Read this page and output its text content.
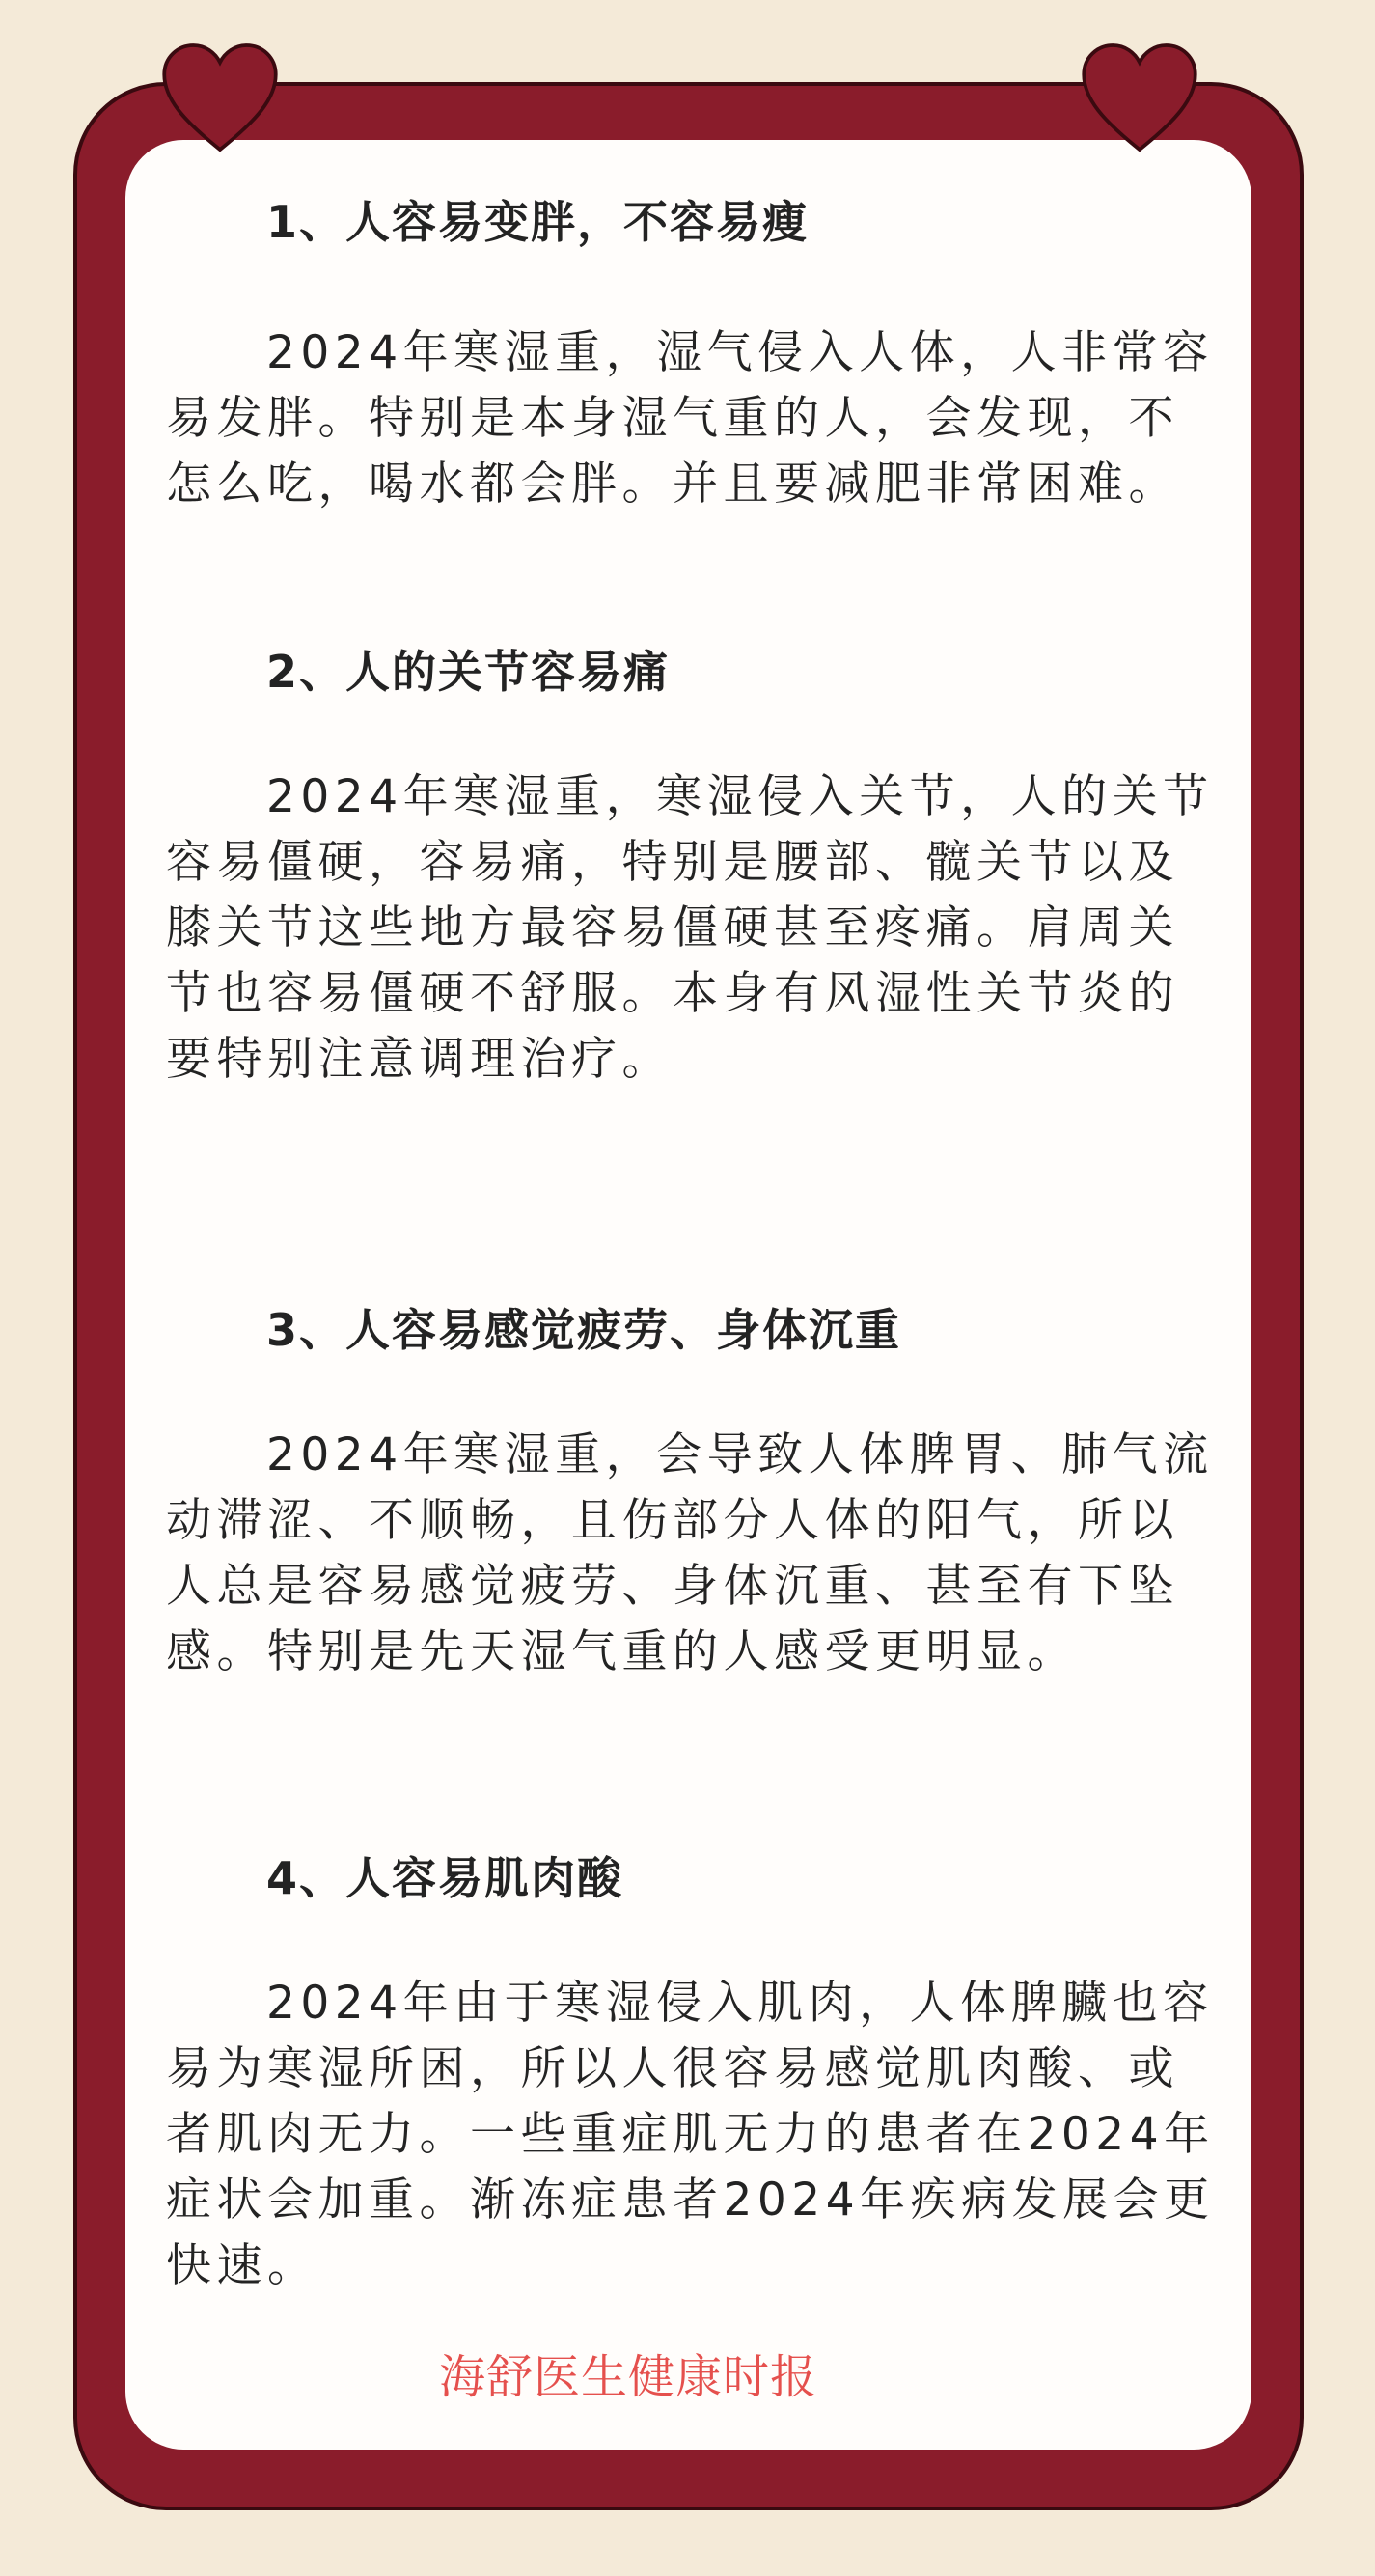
1、人容易变胖，不容易瘦

2024年寒湿重，湿气侵入人体，人非常容易发胖。特别是本身湿气重的人，会发现，不怎么吃，喝水都会胖。并且要减肥非常困难。

2、人的关节容易痛

2024年寒湿重，寒湿侵入关节，人的关节容易僵硬，容易痛，特别是腰部、髋关节以及膝关节这些地方最容易僵硬甚至疼痛。肩周关节也容易僵硬不舒服。本身有风湿性关节炎的要特别注意调理治疗。

3、人容易感觉疲劳、身体沉重

2024年寒湿重，会导致人体脾胃、肺气流动滞涩、不顺畅，且伤部分人体的阳气，所以人总是容易感觉疲劳、身体沉重、甚至有下坠感。特别是先天湿气重的人感受更明显。

4、人容易肌肉酸

2024年由于寒湿侵入肌肉，人体脾臟也容易为寒湿所困，所以人很容易感觉肌肉酸、或者肌肉无力。一些重症肌无力的患者在2024年症状会加重。渐冻症患者2024年疾病发展会更快速。

海舒医生健康时报
